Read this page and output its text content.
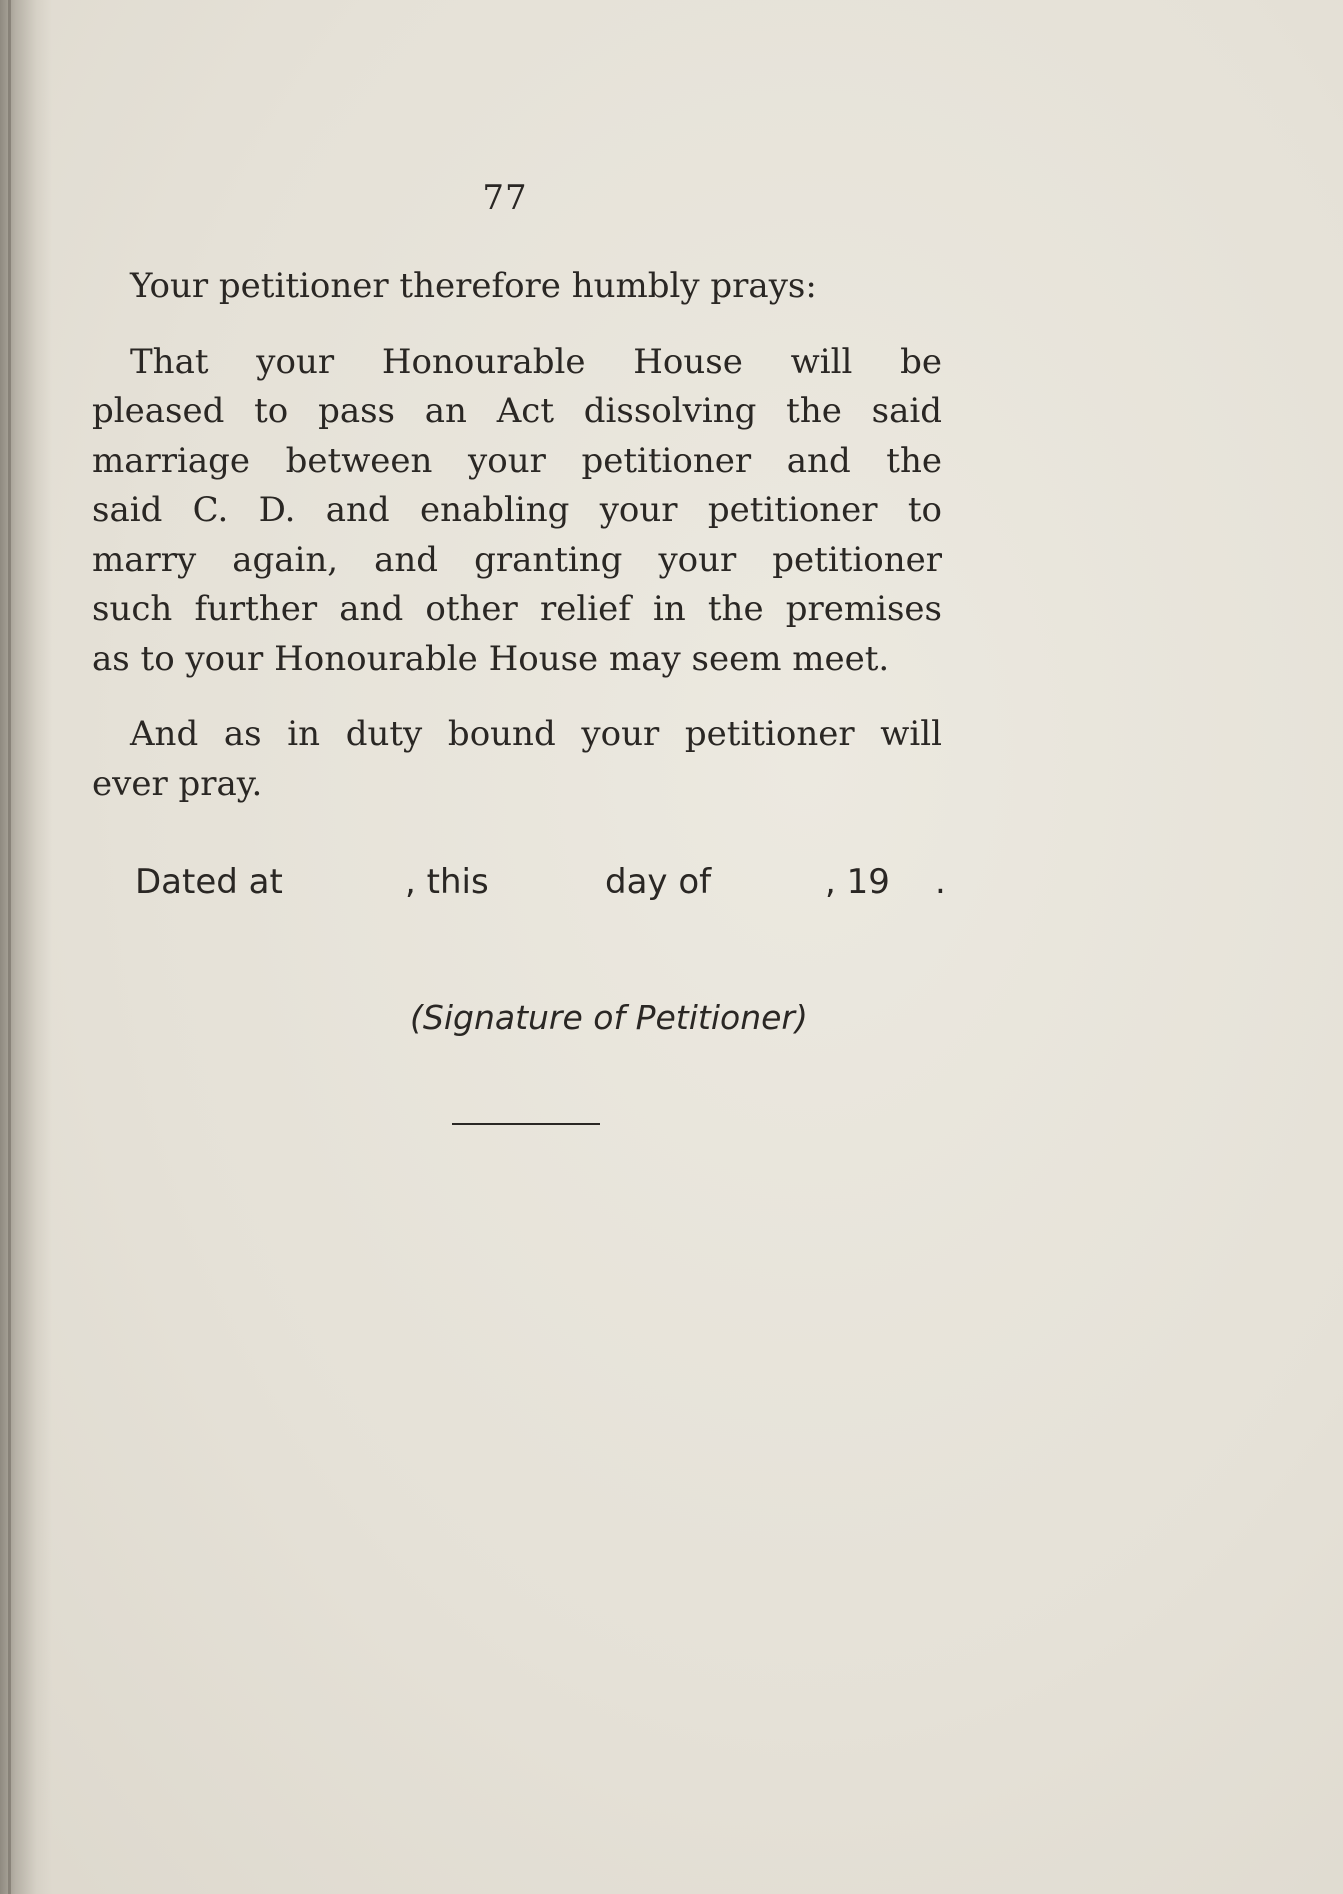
77
Your petitioner therefore humbly prays:
That your Honourable House will be
pleased to pass an Act dissolving the said
marriage between your petitioner and the
said C. D. and enabling your petitioner to
marry again, and granting your petitioner
such further and other relief in the premises
as to your Honourable House may seem meet.
And as in duty bound your petitioner will
ever pray.
Dated at	, this	day of	, 19 .
(Signature of Petitioner)
